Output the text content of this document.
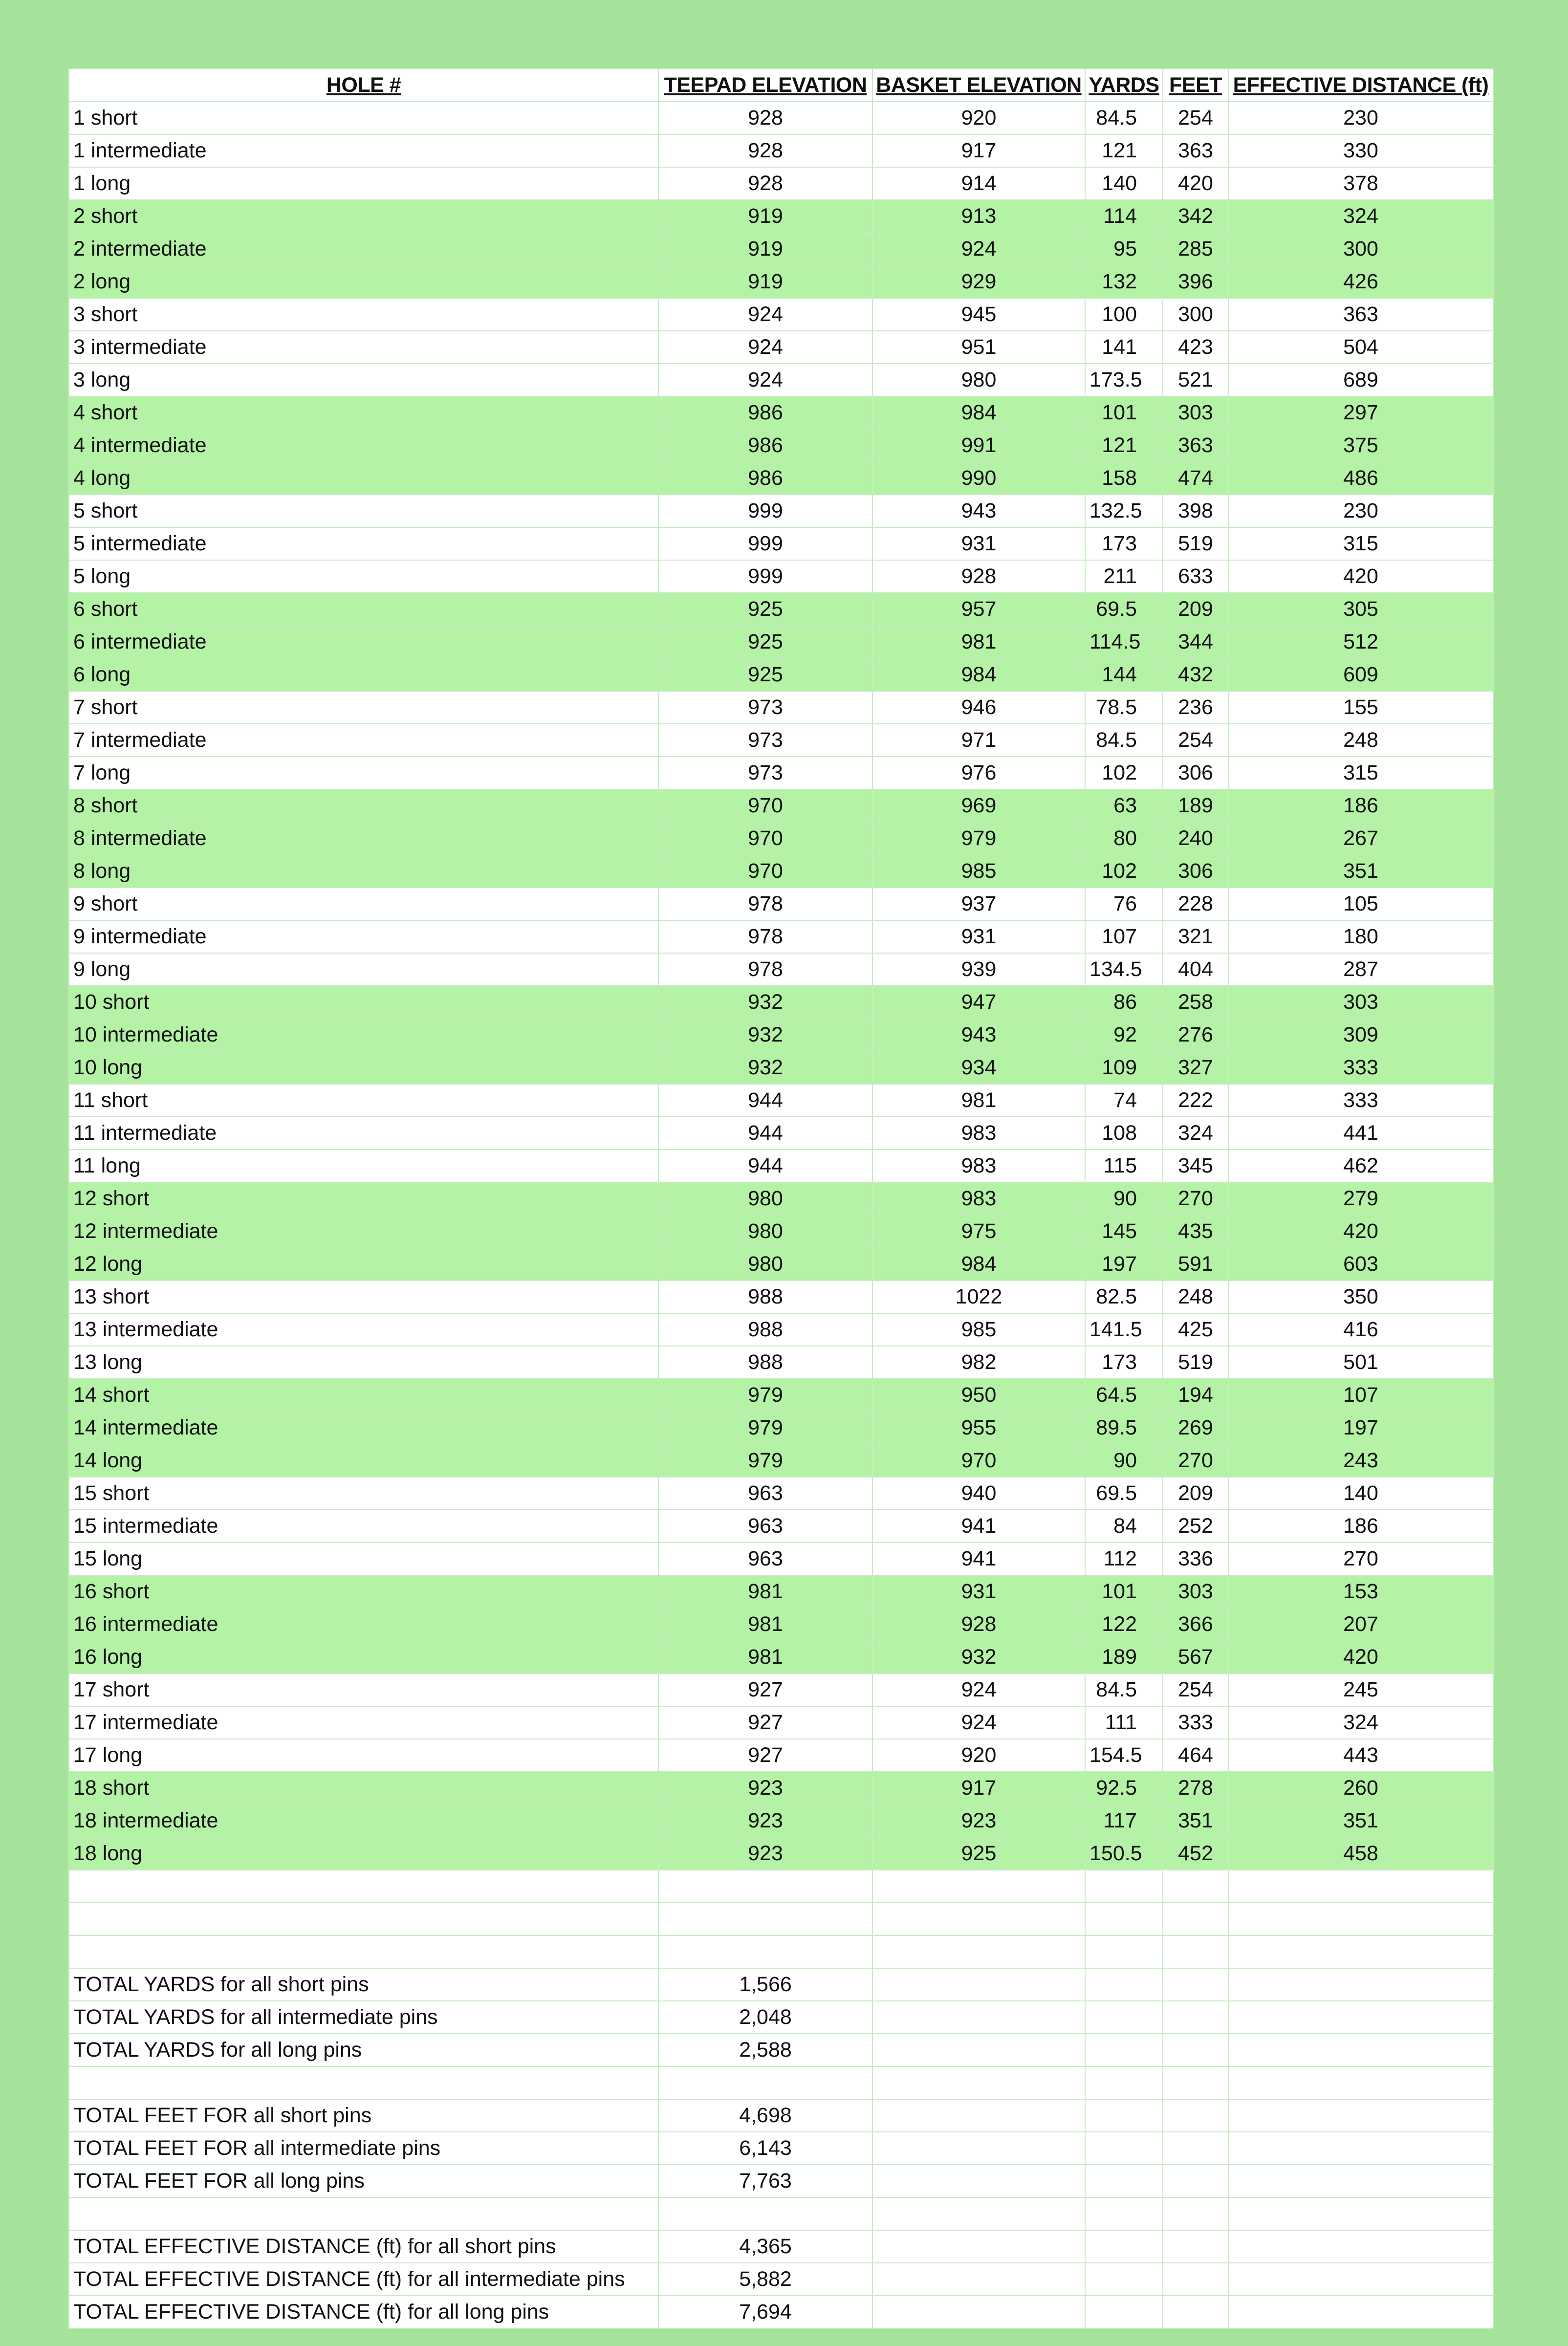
HOLE #	TEEPAD ELEVATION	BASKET ELEVATION	YARDS	FEET	EFFECTIVE DISTANCE (ft)
1 short	928	920	84.5	254	230
1 intermediate	928	917	121	363	330
1 long	928	914	140	420	378
2 short	919	913	114	342	324
2 intermediate	919	924	95	285	300
2 long	919	929	132	396	426
3 short	924	945	100	300	363
3 intermediate	924	951	141	423	504
3 long	924	980	173.5	521	689
4 short	986	984	101	303	297
4 intermediate	986	991	121	363	375
4 long	986	990	158	474	486
5 short	999	943	132.5	398	230
5 intermediate	999	931	173	519	315
5 long	999	928	211	633	420
6 short	925	957	69.5	209	305
6 intermediate	925	981	114.5	344	512
6 long	925	984	144	432	609
7 short	973	946	78.5	236	155
7 intermediate	973	971	84.5	254	248
7 long	973	976	102	306	315
8 short	970	969	63	189	186
8 intermediate	970	979	80	240	267
8 long	970	985	102	306	351
9 short	978	937	76	228	105
9 intermediate	978	931	107	321	180
9 long	978	939	134.5	404	287
10 short	932	947	86	258	303
10 intermediate	932	943	92	276	309
10 long	932	934	109	327	333
11 short	944	981	74	222	333
11 intermediate	944	983	108	324	441
11 long	944	983	115	345	462
12 short	980	983	90	270	279
12 intermediate	980	975	145	435	420
12 long	980	984	197	591	603
13 short	988	1022	82.5	248	350
13 intermediate	988	985	141.5	425	416
13 long	988	982	173	519	501
14 short	979	950	64.5	194	107
14 intermediate	979	955	89.5	269	197
14 long	979	970	90	270	243
15 short	963	940	69.5	209	140
15 intermediate	963	941	84	252	186
15 long	963	941	112	336	270
16 short	981	931	101	303	153
16 intermediate	981	928	122	366	207
16 long	981	932	189	567	420
17 short	927	924	84.5	254	245
17 intermediate	927	924	111	333	324
17 long	927	920	154.5	464	443
18 short	923	917	92.5	278	260
18 intermediate	923	923	117	351	351
18 long	923	925	150.5	452	458

TOTAL YARDS for all short pins	1,566				
TOTAL YARDS for all intermediate pins	2,048				
TOTAL YARDS for all long pins	2,588				

TOTAL FEET FOR all short pins	4,698				
TOTAL FEET FOR all intermediate pins	6,143				
TOTAL FEET FOR all long pins	7,763				

TOTAL EFFECTIVE DISTANCE (ft) for all short pins	4,365				
TOTAL EFFECTIVE DISTANCE (ft) for all intermediate pins	5,882				
TOTAL EFFECTIVE DISTANCE (ft) for all long pins	7,694				
